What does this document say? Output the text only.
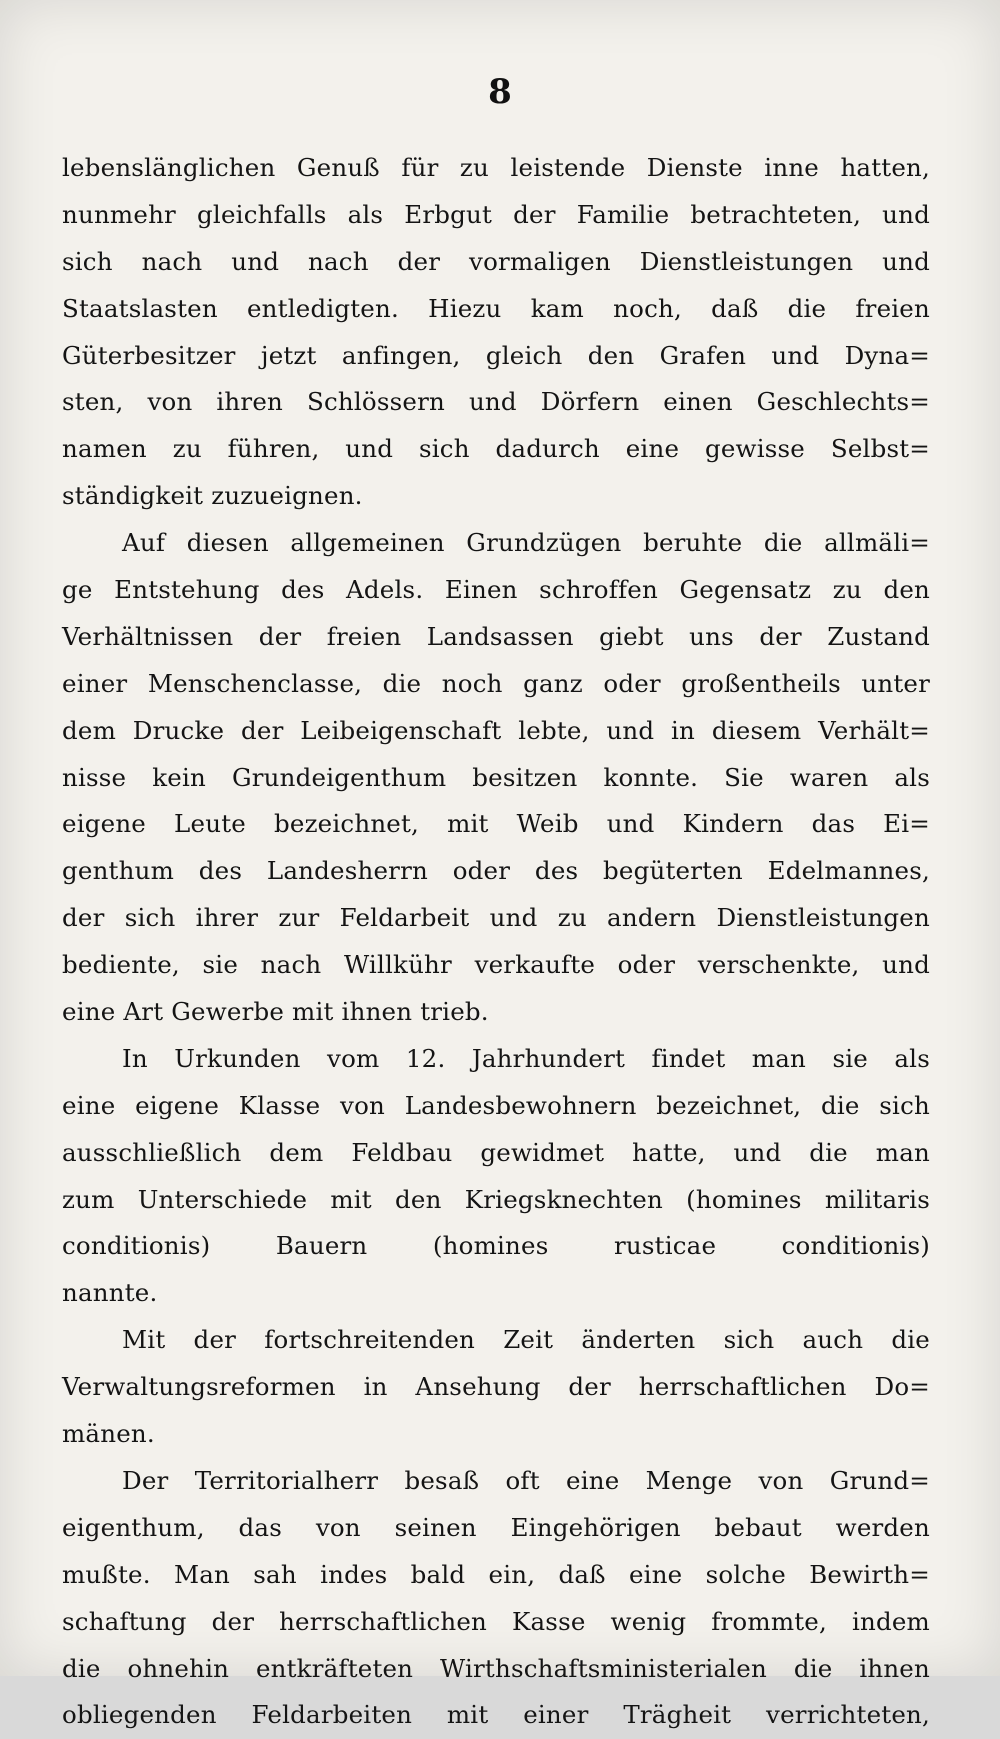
8
lebenslänglichen Genuß für zu leistende Dienste inne hatten,
nunmehr gleichfalls als Erbgut der Familie betrachteten, und
sich nach und nach der vormaligen Dienstleistungen und
Staatslasten entledigten. Hiezu kam noch, daß die freien
Güterbesitzer jetzt anfingen, gleich den Grafen und Dyna=
sten, von ihren Schlössern und Dörfern einen Geschlechts=
namen zu führen, und sich dadurch eine gewisse Selbst=
ständigkeit zuzueignen.
Auf diesen allgemeinen Grundzügen beruhte die allmäli=
ge Entstehung des Adels. Einen schroffen Gegensatz zu den
Verhältnissen der freien Landsassen giebt uns der Zustand
einer Menschenclasse, die noch ganz oder großentheils unter
dem Drucke der Leibeigenschaft lebte, und in diesem Verhält=
nisse kein Grundeigenthum besitzen konnte. Sie waren als
eigene Leute bezeichnet, mit Weib und Kindern das Ei=
genthum des Landesherrn oder des begüterten Edelmannes,
der sich ihrer zur Feldarbeit und zu andern Dienstleistungen
bediente, sie nach Willkühr verkaufte oder verschenkte, und
eine Art Gewerbe mit ihnen trieb.
In Urkunden vom 12. Jahrhundert findet man sie als
eine eigene Klasse von Landesbewohnern bezeichnet, die sich
ausschließlich dem Feldbau gewidmet hatte, und die man
zum Unterschiede mit den Kriegsknechten (homines militaris
conditionis) Bauern (homines rusticae conditionis)
nannte.
Mit der fortschreitenden Zeit änderten sich auch die
Verwaltungsreformen in Ansehung der herrschaftlichen Do=
mänen.
Der Territorialherr besaß oft eine Menge von Grund=
eigenthum, das von seinen Eingehörigen bebaut werden
mußte. Man sah indes bald ein, daß eine solche Bewirth=
schaftung der herrschaftlichen Kasse wenig frommte, indem
die ohnehin entkräfteten Wirthschaftsministerialen die ihnen
obliegenden Feldarbeiten mit einer Trägheit verrichteten,
